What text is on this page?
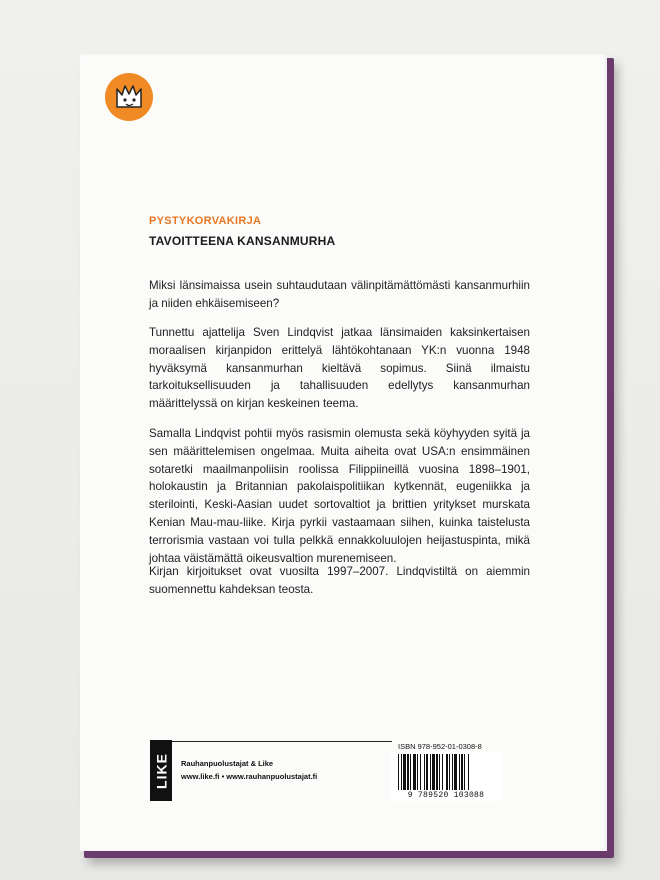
PYSTYKORVAKIRJA
TAVOITTEENA KANSANMURHA
Miksi länsimaissa usein suhtaudutaan välinpitämättömästi kansanmurhiin ja niiden ehkäisemiseen?
Tunnettu ajattelija Sven Lindqvist jatkaa länsimaiden kaksinkertaisen moraalisen kirjanpidon erittelyä lähtökohtanaan YK:n vuonna 1948 hyväksymä kansanmurhan kieltävä sopimus. Siinä ilmaistu tarkoituksellisuuden ja tahallisuuden edellytys kansanmurhan määrittelyssä on kirjan keskeinen teema.
Samalla Lindqvist pohtii myös rasismin olemusta sekä köyhyyden syitä ja sen määrittelemisen ongelmaa. Muita aiheita ovat USA:n ensimmäinen sotaretki maailmanpoliisin roolissa Filippiineillä vuosina 1898–1901, holokaustin ja Britannian pakolaispolitiikan kytkennät, eugeniikka ja sterilointi, Keski-Aasian uudet sortovaltiot ja brittien yritykset murskata Kenian Mau-mau-liike. Kirja pyrkii vastaamaan siihen, kuinka taistelusta terrorismia vastaan voi tulla pelkkä ennakkoluulojen heijastuspinta, mikä johtaa väistämättä oikeusvaltion murenemiseen.
Kirjan kirjoitukset ovat vuosilta 1997–2007. Lindqvistiltä on aiemmin suomennettu kahdeksan teosta.
LIKE	Rauhanpuolustajat & Like
www.like.fi • www.rauhanpuolustajat.fi
ISBN 978-952-01-0308-8
9 789520 103088
